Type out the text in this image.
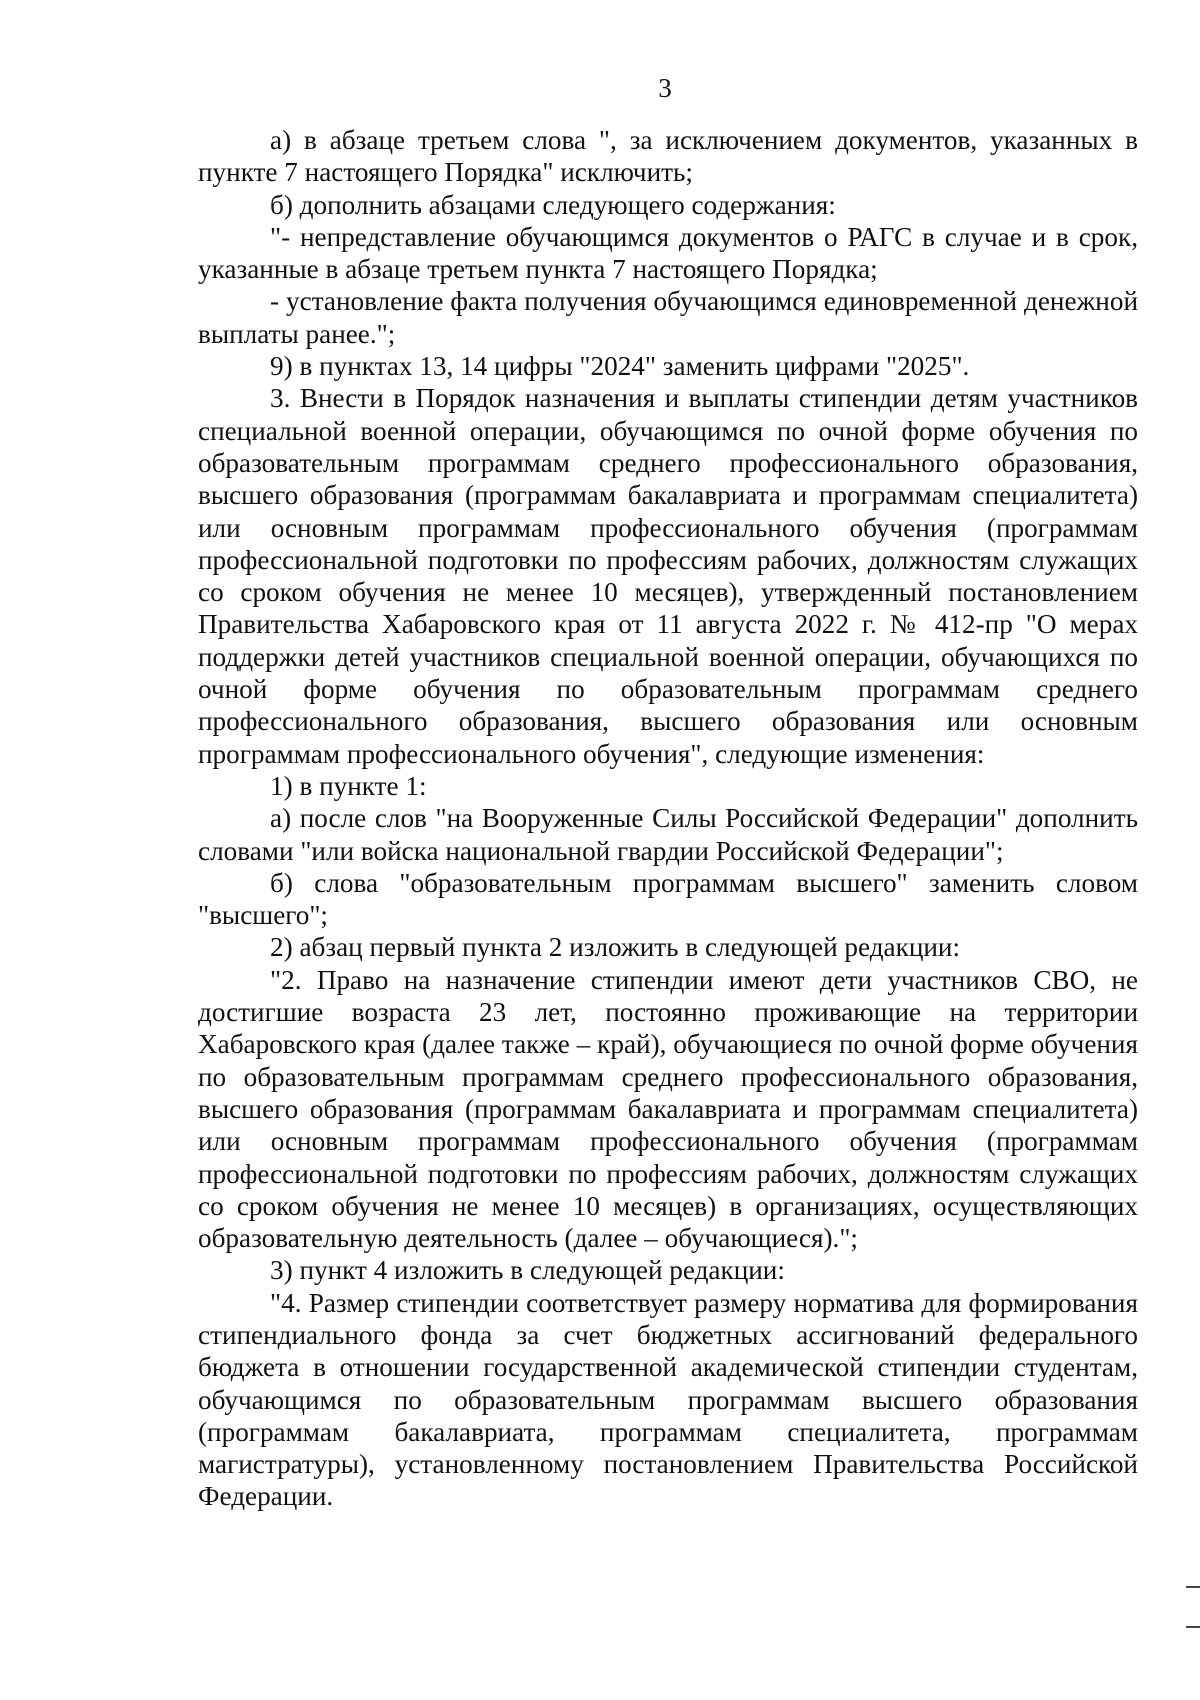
3

а) в абзаце третьем слова ", за исключением документов, указанных в пункте 7 настоящего Порядка" исключить;

б) дополнить абзацами следующего содержания:

"- непредставление обучающимся документов о РАГС в случае и в срок, указанные в абзаце третьем пункта 7 настоящего Порядка;

- установление факта получения обучающимся единовременной денежной выплаты ранее.";

9) в пунктах 13, 14 цифры "2024" заменить цифрами "2025".

3. Внести в Порядок назначения и выплаты стипендии детям участников специальной военной операции, обучающимся по очной форме обучения по образовательным программам среднего профессионального образования, высшего образования (программам бакалавриата и программам специалитета) или основным программам профессионального обучения (программам профессиональной подготовки по профессиям рабочих, должностям служащих со сроком обучения не менее 10 месяцев), утвержденный постановлением Правительства Хабаровского края от 11 августа 2022 г. № 412-пр "О мерах поддержки детей участников специальной военной операции, обучающихся по очной форме обучения по образовательным программам среднего профессионального образования, высшего образования или основным программам профессионального обучения", следующие изменения:

1) в пункте 1:

а) после слов "на Вооруженные Силы Российской Федерации" дополнить словами "или войска национальной гвардии Российской Федерации";

б) слова "образовательным программам высшего" заменить словом "высшего";

2) абзац первый пункта 2 изложить в следующей редакции:

"2. Право на назначение стипендии имеют дети участников СВО, не достигшие возраста 23 лет, постоянно проживающие на территории Хабаровского края (далее также – край), обучающиеся по очной форме обучения по образовательным программам среднего профессионального образования, высшего образования (программам бакалавриата и программам специалитета) или основным программам профессионального обучения (программам профессиональной подготовки по профессиям рабочих, должностям служащих со сроком обучения не менее 10 месяцев) в организациях, осуществляющих образовательную деятельность (далее – обучающиеся).";

3) пункт 4 изложить в следующей редакции:

"4. Размер стипендии соответствует размеру норматива для формирования стипендиального фонда за счет бюджетных ассигнований федерального бюджета в отношении государственной академической стипендии студентам, обучающимся по образовательным программам высшего образования (программам бакалавриата, программам специалитета, программам магистратуры), установленному постановлением Правительства Российской Федерации.
